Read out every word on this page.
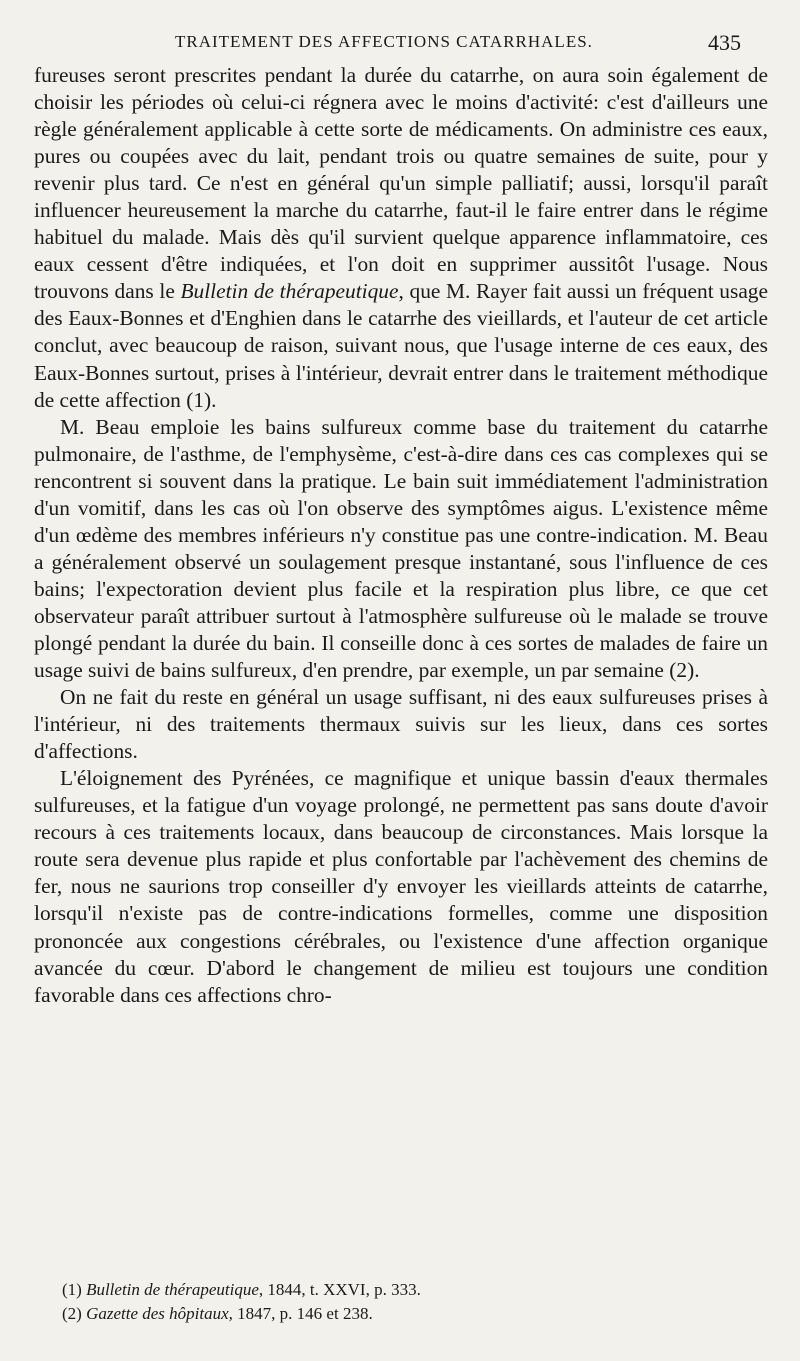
TRAITEMENT DES AFFECTIONS CATARRHALES.	435

fureuses seront prescrites pendant la durée du catarrhe, on aura soin également de choisir les périodes où celui-ci régnera avec le moins d'activité: c'est d'ailleurs une règle généralement applicable à cette sorte de médicaments. On administre ces eaux, pures ou coupées avec du lait, pendant trois ou quatre semaines de suite, pour y revenir plus tard. Ce n'est en général qu'un simple palliatif; aussi, lorsqu'il paraît influencer heureusement la marche du catarrhe, faut-il le faire entrer dans le régime habituel du malade. Mais dès qu'il survient quelque apparence inflammatoire, ces eaux cessent d'être indiquées, et l'on doit en supprimer aussitôt l'usage. Nous trouvons dans le Bulletin de thérapeutique, que M. Rayer fait aussi un fréquent usage des Eaux-Bonnes et d'Enghien dans le catarrhe des vieillards, et l'auteur de cet article conclut, avec beaucoup de raison, suivant nous, que l'usage interne de ces eaux, des Eaux-Bonnes surtout, prises à l'intérieur, devrait entrer dans le traitement méthodique de cette affection (1).

M. Beau emploie les bains sulfureux comme base du traitement du catarrhe pulmonaire, de l'asthme, de l'emphysème, c'est-à-dire dans ces cas complexes qui se rencontrent si souvent dans la pratique. Le bain suit immédiatement l'administration d'un vomitif, dans les cas où l'on observe des symptômes aigus. L'existence même d'un œdème des membres inférieurs n'y constitue pas une contre-indication. M. Beau a généralement observé un soulagement presque instantané, sous l'influence de ces bains; l'expectoration devient plus facile et la respiration plus libre, ce que cet observateur paraît attribuer surtout à l'atmosphère sulfureuse où le malade se trouve plongé pendant la durée du bain. Il conseille donc à ces sortes de malades de faire un usage suivi de bains sulfureux, d'en prendre, par exemple, un par semaine (2).

On ne fait du reste en général un usage suffisant, ni des eaux sulfureuses prises à l'intérieur, ni des traitements thermaux suivis sur les lieux, dans ces sortes d'affections.

L'éloignement des Pyrénées, ce magnifique et unique bassin d'eaux thermales sulfureuses, et la fatigue d'un voyage prolongé, ne permettent pas sans doute d'avoir recours à ces traitements locaux, dans beaucoup de circonstances. Mais lorsque la route sera devenue plus rapide et plus confortable par l'achèvement des chemins de fer, nous ne saurions trop conseiller d'y envoyer les vieillards atteints de catarrhe, lorsqu'il n'existe pas de contre-indications formelles, comme une disposition prononcée aux congestions cérébrales, ou l'existence d'une affection organique avancée du cœur. D'abord le changement de milieu est toujours une condition favorable dans ces affections chro-

(1) Bulletin de thérapeutique, 1844, t. XXVI, p. 333.
(2) Gazette des hôpitaux, 1847, p. 146 et 238.
